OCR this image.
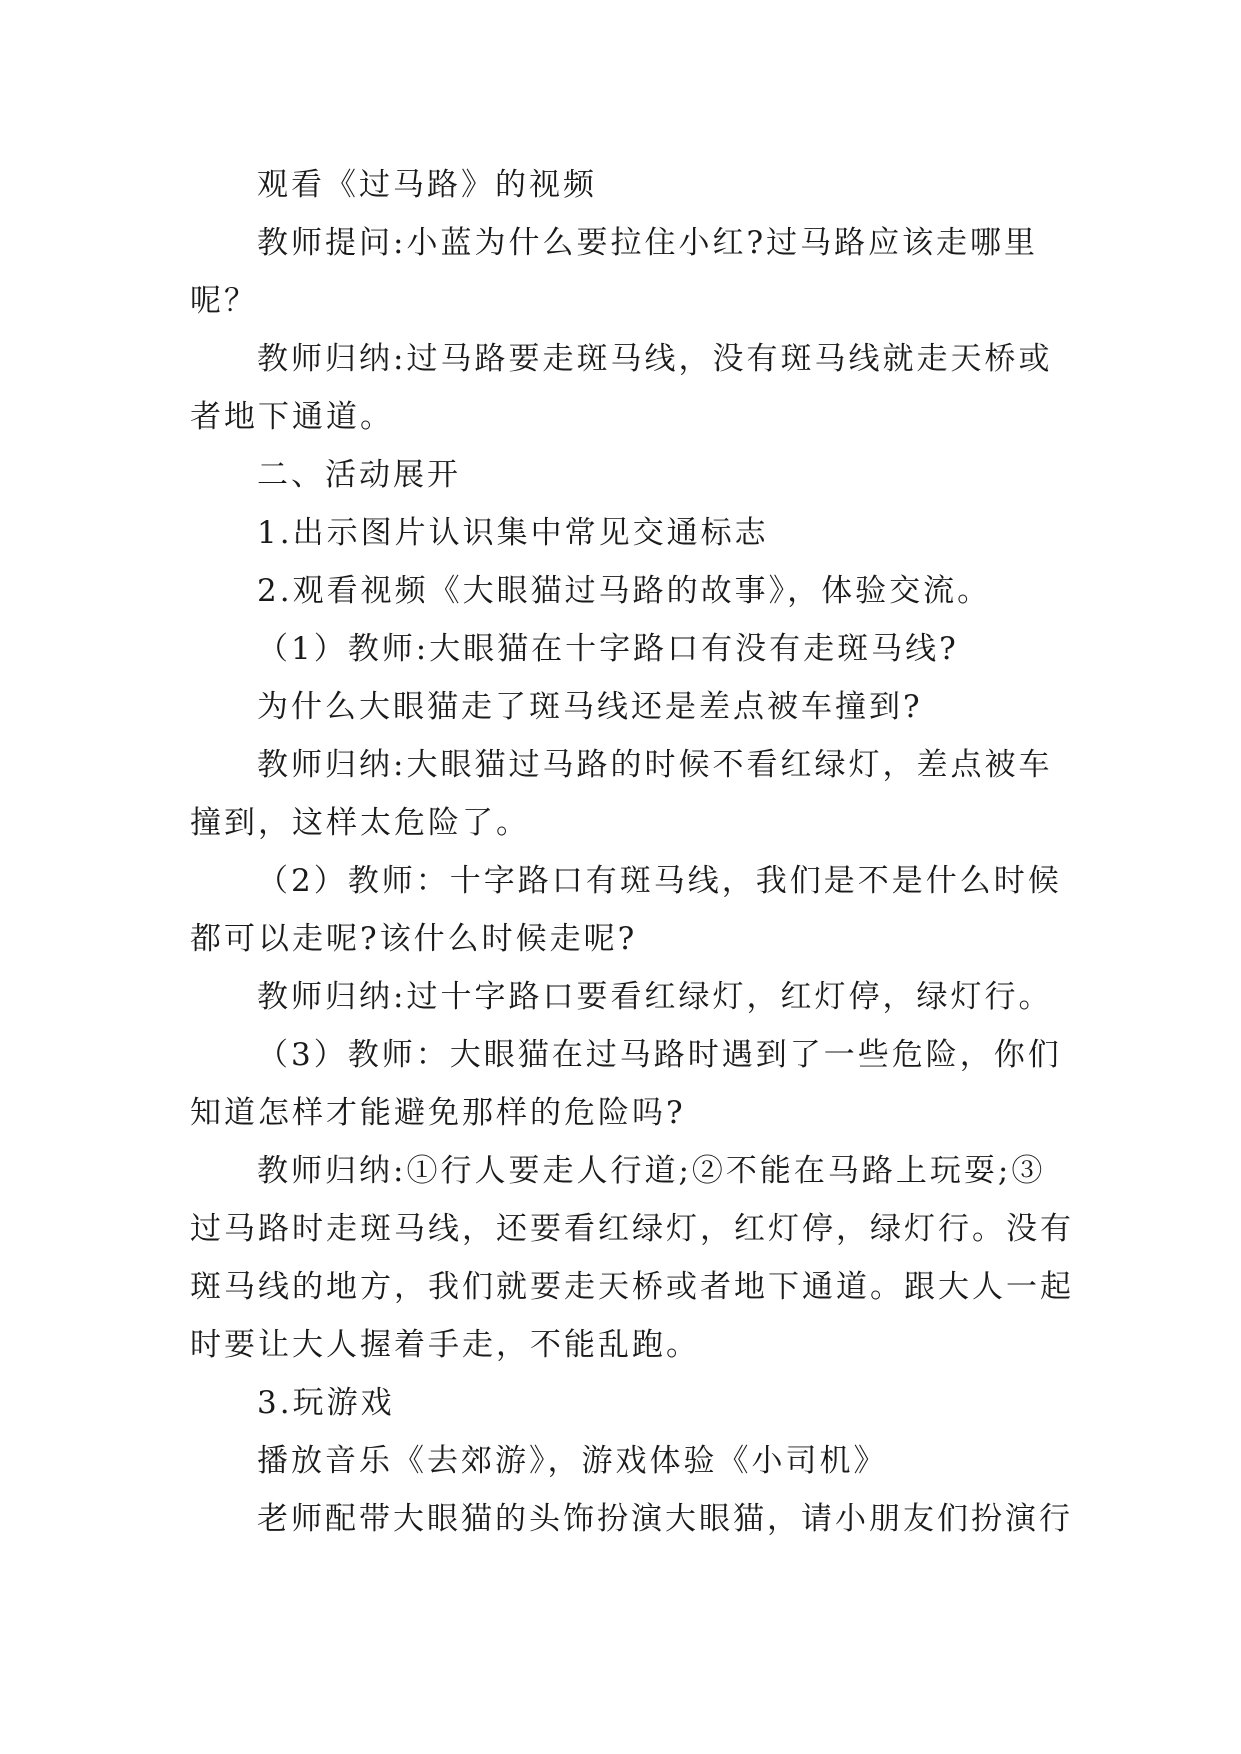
观看《过马路》的视频
教师提问:小蓝为什么要拉住小红?过马路应该走哪里
呢？
教师归纳:过马路要走斑马线，没有斑马线就走天桥或
者地下通道。
二、活动展开
1.出示图片认识集中常见交通标志
2.观看视频《大眼猫过马路的故事》，体验交流。
（1）教师:大眼猫在十字路口有没有走斑马线?
为什么大眼猫走了斑马线还是差点被车撞到?
教师归纳:大眼猫过马路的时候不看红绿灯，差点被车
撞到，这样太危险了。
（2）教师：十字路口有斑马线，我们是不是什么时候
都可以走呢?该什么时候走呢?
教师归纳:过十字路口要看红绿灯，红灯停，绿灯行。
（3）教师：大眼猫在过马路时遇到了一些危险，你们
知道怎样才能避免那样的危险吗?
教师归纳:①行人要走人行道;②不能在马路上玩耍;③
过马路时走斑马线，还要看红绿灯，红灯停，绿灯行。没有
斑马线的地方，我们就要走天桥或者地下通道。跟大人一起
时要让大人握着手走，不能乱跑。
3.玩游戏
播放音乐《去郊游》，游戏体验《小司机》
老师配带大眼猫的头饰扮演大眼猫，请小朋友们扮演行
